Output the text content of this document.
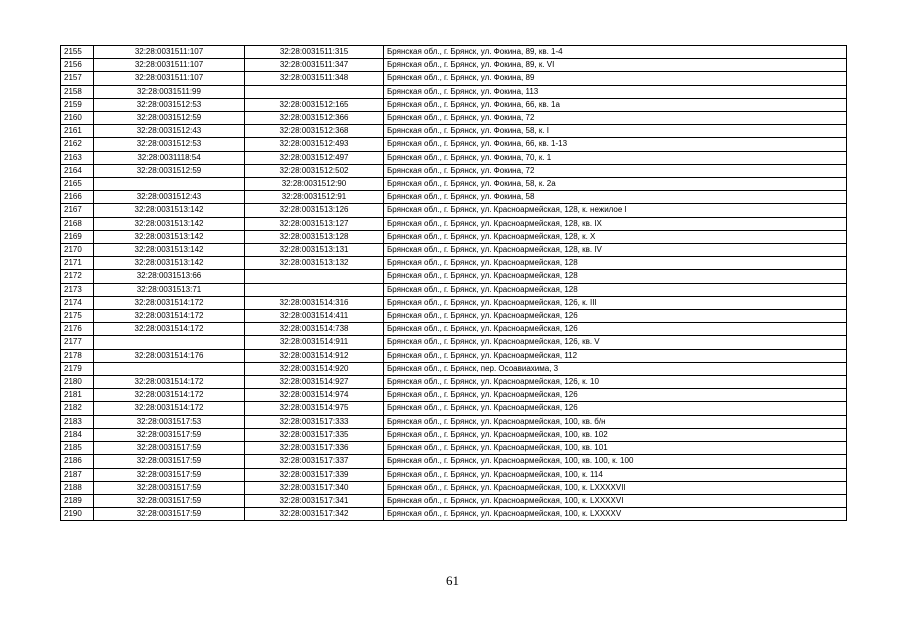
2155	32:28:0031511:107	32:28:0031511:315	Брянская обл., г. Брянск, ул. Фокина, 89, кв. 1-4
2156	32:28:0031511:107	32:28:0031511:347	Брянская обл., г. Брянск, ул. Фокина, 89, к. VI
2157	32:28:0031511:107	32:28:0031511:348	Брянская обл., г. Брянск, ул. Фокина, 89
2158	32:28:0031511:99		Брянская обл., г. Брянск, ул. Фокина, 113
2159	32:28:0031512:53	32:28:0031512:165	Брянская обл., г. Брянск, ул. Фокина, 66, кв. 1а
2160	32:28:0031512:59	32:28:0031512:366	Брянская обл., г. Брянск, ул. Фокина, 72
2161	32:28:0031512:43	32:28:0031512:368	Брянская обл., г. Брянск, ул. Фокина, 58, к. I
2162	32:28:0031512:53	32:28:0031512:493	Брянская обл., г. Брянск, ул. Фокина, 66, кв. 1-13
2163	32:28:0031118:54	32:28:0031512:497	Брянская обл., г. Брянск, ул. Фокина, 70, к. 1
2164	32:28:0031512:59	32:28:0031512:502	Брянская обл., г. Брянск, ул. Фокина, 72
2165		32:28:0031512:90	Брянская обл., г. Брянск, ул. Фокина, 58, к. 2а
2166	32:28:0031512:43	32:28:0031512:91	Брянская обл., г. Брянск, ул. Фокина, 58
2167	32:28:0031513:142	32:28:0031513:126	Брянская обл., г. Брянск, ул. Красноармейская, 128, к. нежилое I
2168	32:28:0031513:142	32:28:0031513:127	Брянская обл., г. Брянск, ул. Красноармейская, 128, кв. IX
2169	32:28:0031513:142	32:28:0031513:128	Брянская обл., г. Брянск, ул. Красноармейская, 128, к. X
2170	32:28:0031513:142	32:28:0031513:131	Брянская обл., г. Брянск, ул. Красноармейская, 128, кв. IV
2171	32:28:0031513:142	32:28:0031513:132	Брянская обл., г. Брянск, ул. Красноармейская, 128
2172	32:28:0031513:66		Брянская обл., г. Брянск, ул. Красноармейская, 128
2173	32:28:0031513:71		Брянская обл., г. Брянск, ул. Красноармейская, 128
2174	32:28:0031514:172	32:28:0031514:316	Брянская обл., г. Брянск, ул. Красноармейская, 126, к. III
2175	32:28:0031514:172	32:28:0031514:411	Брянская обл., г. Брянск, ул. Красноармейская, 126
2176	32:28:0031514:172	32:28:0031514:738	Брянская обл., г. Брянск, ул. Красноармейская, 126
2177		32:28:0031514:911	Брянская обл., г. Брянск, ул. Красноармейская, 126, кв. V
2178	32:28:0031514:176	32:28:0031514:912	Брянская обл., г. Брянск, ул. Красноармейская, 112
2179		32:28:0031514:920	Брянская обл., г. Брянск, пер. Осоавиахима, 3
2180	32:28:0031514:172	32:28:0031514:927	Брянская обл., г. Брянск, ул. Красноармейская, 126, к. 10
2181	32:28:0031514:172	32:28:0031514:974	Брянская обл., г. Брянск, ул. Красноармейская, 126
2182	32:28:0031514:172	32:28:0031514:975	Брянская обл., г. Брянск, ул. Красноармейская, 126
2183	32:28:0031517:53	32:28:0031517:333	Брянская обл., г. Брянск, ул. Красноармейская, 100, кв. б/н
2184	32:28:0031517:59	32:28:0031517:335	Брянская обл., г. Брянск, ул. Красноармейская, 100, кв. 102
2185	32:28:0031517:59	32:28:0031517:336	Брянская обл., г. Брянск, ул. Красноармейская, 100, кв. 101
2186	32:28:0031517:59	32:28:0031517:337	Брянская обл., г. Брянск, ул. Красноармейская, 100, кв. 100, к. 100
2187	32:28:0031517:59	32:28:0031517:339	Брянская обл., г. Брянск, ул. Красноармейская, 100, к. 114
2188	32:28:0031517:59	32:28:0031517:340	Брянская обл., г. Брянск, ул. Красноармейская, 100, к. LXXXXVII
2189	32:28:0031517:59	32:28:0031517:341	Брянская обл., г. Брянск, ул. Красноармейская, 100, к. LXXXXVI
2190	32:28:0031517:59	32:28:0031517:342	Брянская обл., г. Брянск, ул. Красноармейская, 100, к. LXXXXV
61
